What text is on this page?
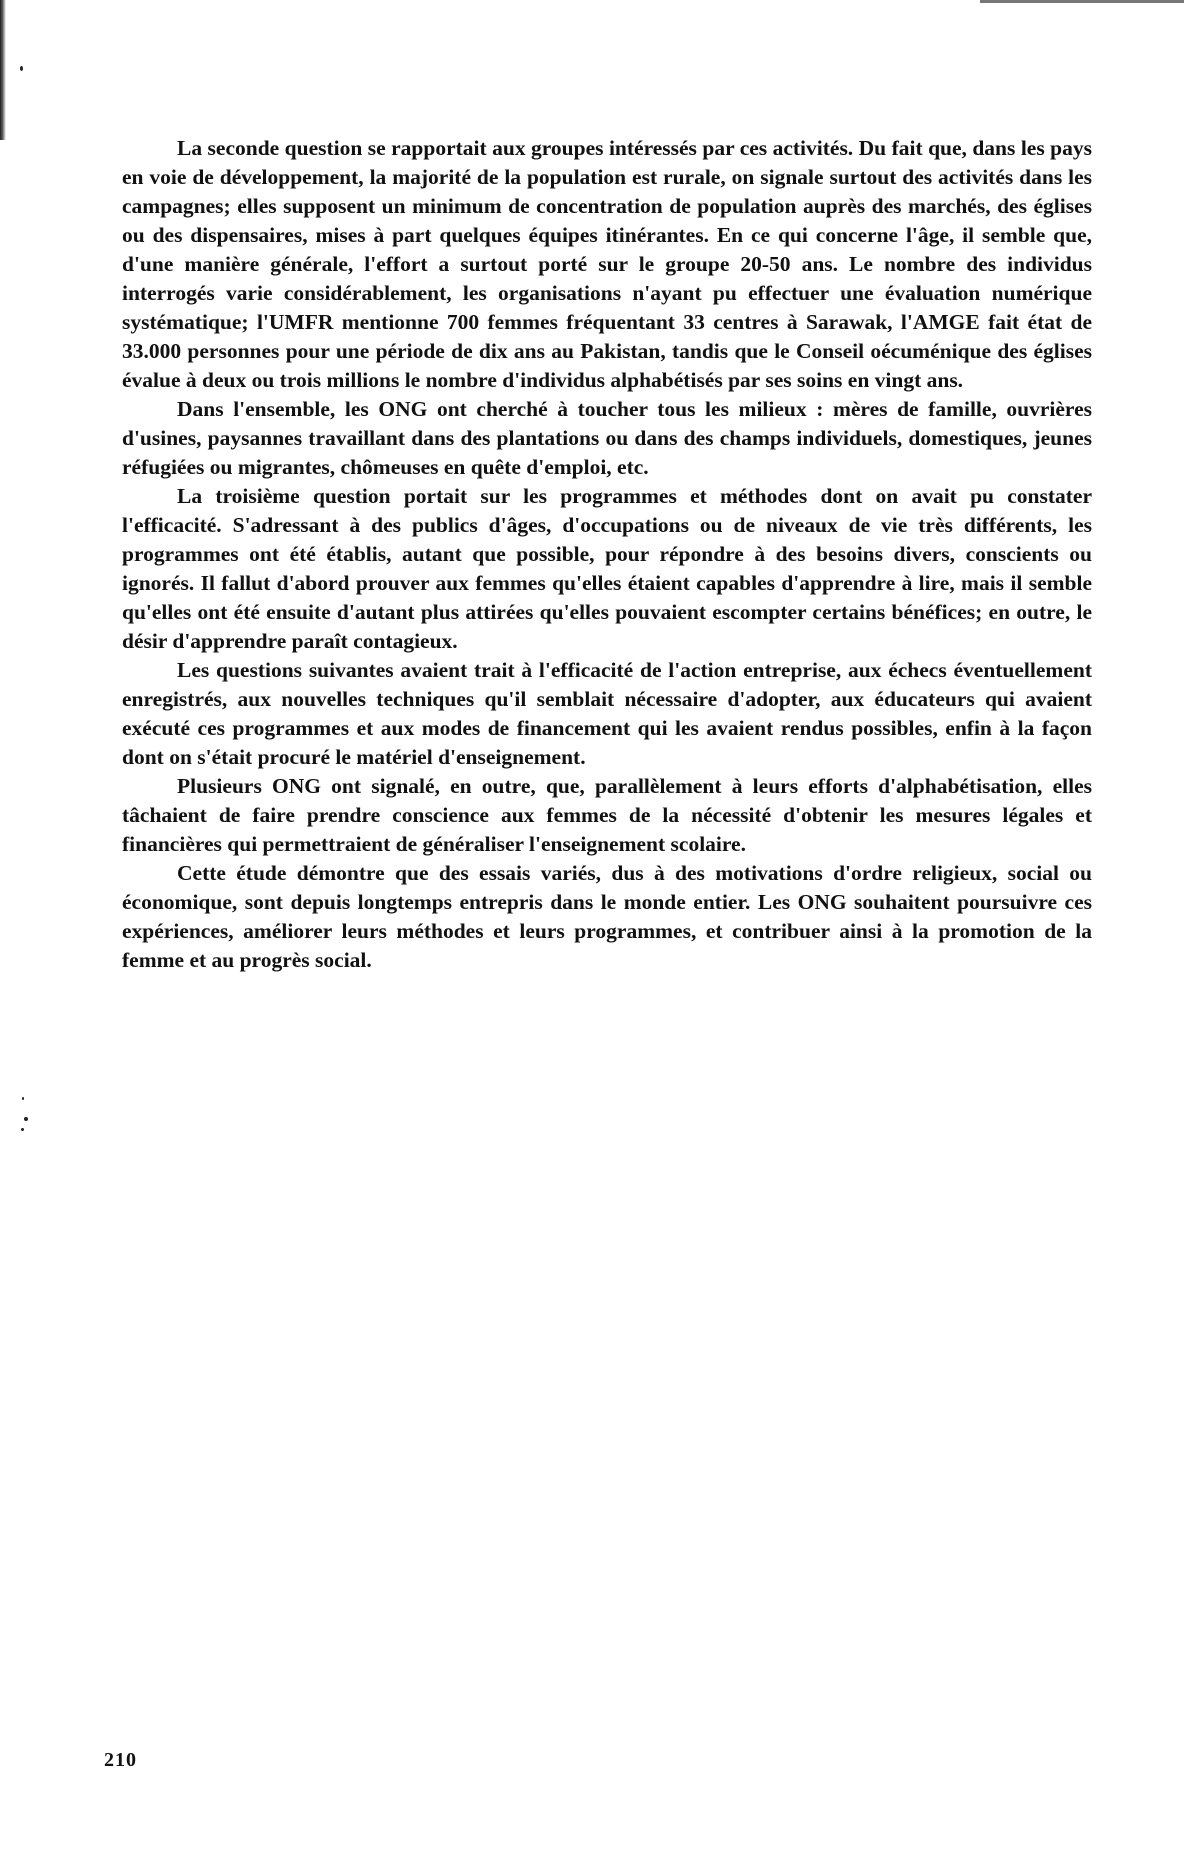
La seconde question se rapportait aux groupes intéressés par ces activités. Du fait que, dans les pays en voie de développement, la majorité de la population est rurale, on signale surtout des activités dans les campagnes; elles supposent un minimum de concentration de population auprès des marchés, des églises ou des dispensaires, mises à part quelques équipes itinérantes. En ce qui concerne l'âge, il semble que, d'une manière générale, l'effort a surtout porté sur le groupe 20-50 ans. Le nombre des individus interrogés varie considérablement, les organisations n'ayant pu effectuer une évaluation numérique systématique; l'UMFR mentionne 700 femmes fréquentant 33 centres à Sarawak, l'AMGE fait état de 33.000 personnes pour une période de dix ans au Pakistan, tandis que le Conseil oécuménique des églises évalue à deux ou trois millions le nombre d'individus alphabétisés par ses soins en vingt ans.

Dans l'ensemble, les ONG ont cherché à toucher tous les milieux : mères de famille, ouvrières d'usines, paysannes travaillant dans des plantations ou dans des champs individuels, domestiques, jeunes réfugiées ou migrantes, chômeuses en quête d'emploi, etc.

La troisième question portait sur les programmes et méthodes dont on avait pu constater l'efficacité. S'adressant à des publics d'âges, d'occupations ou de niveaux de vie très différents, les programmes ont été établis, autant que possible, pour répondre à des besoins divers, conscients ou ignorés. Il fallut d'abord prouver aux femmes qu'elles étaient capables d'apprendre à lire, mais il semble qu'elles ont été ensuite d'autant plus attirées qu'elles pouvaient escompter certains bénéfices; en outre, le désir d'apprendre paraît contagieux.

Les questions suivantes avaient trait à l'efficacité de l'action entreprise, aux échecs éventuellement enregistrés, aux nouvelles techniques qu'il semblait nécessaire d'adopter, aux éducateurs qui avaient exécuté ces programmes et aux modes de financement qui les avaient rendus possibles, enfin à la façon dont on s'était procuré le matériel d'enseignement.

Plusieurs ONG ont signalé, en outre, que, parallèlement à leurs efforts d'alphabétisation, elles tâchaient de faire prendre conscience aux femmes de la nécessité d'obtenir les mesures légales et financières qui permettraient de généraliser l'enseignement scolaire.

Cette étude démontre que des essais variés, dus à des motivations d'ordre religieux, social ou économique, sont depuis longtemps entrepris dans le monde entier. Les ONG souhaitent poursuivre ces expériences, améliorer leurs méthodes et leurs programmes, et contribuer ainsi à la promotion de la femme et au progrès social.

210
